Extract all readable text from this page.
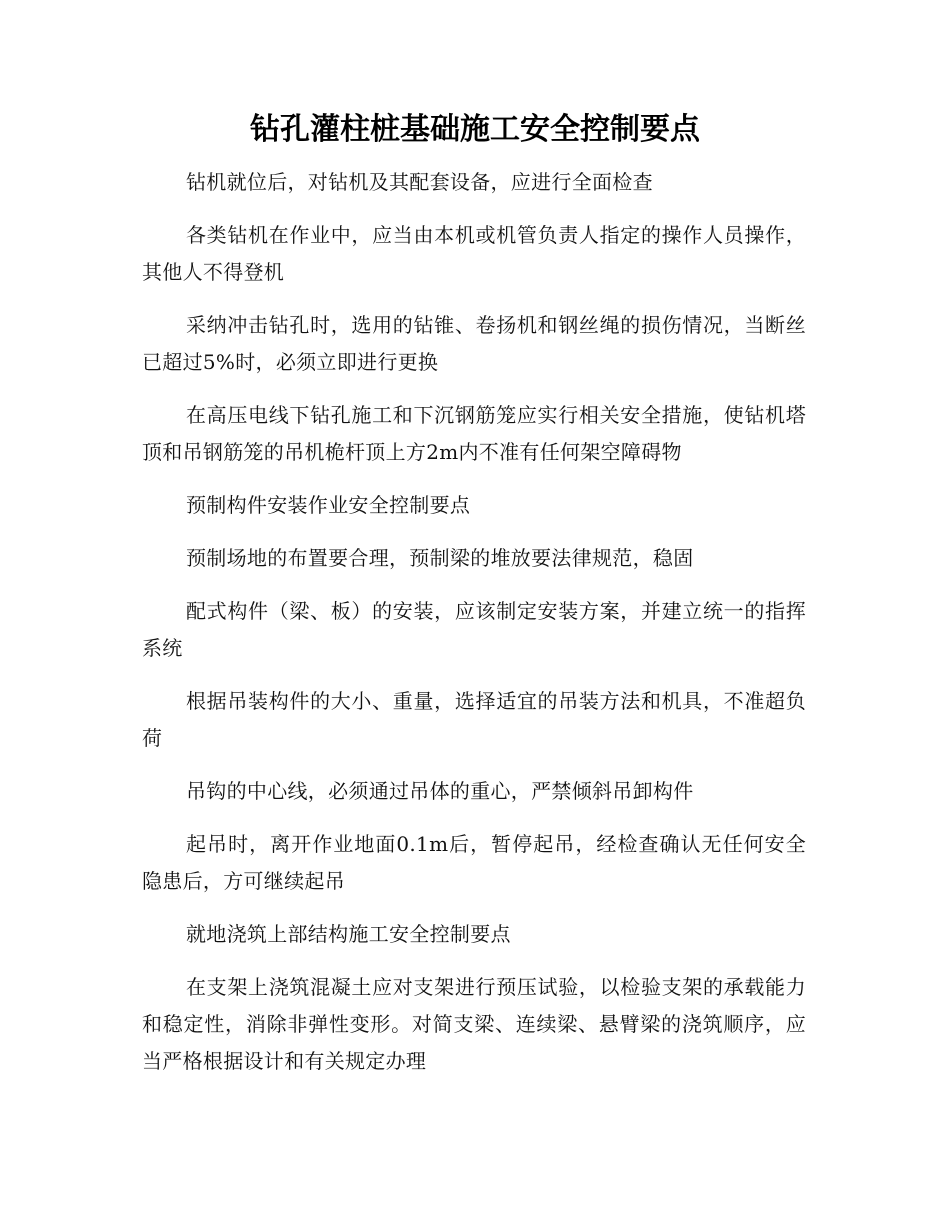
钻孔灌柱桩基础施工安全控制要点

钻机就位后，对钻机及其配套设备，应进行全面检查

各类钻机在作业中，应当由本机或机管负责人指定的操作人员操作，其他人不得登机

采纳冲击钻孔时，选用的钻锥、卷扬机和钢丝绳的损伤情况，当断丝已超过5%时，必须立即进行更换

在高压电线下钻孔施工和下沉钢筋笼应实行相关安全措施，使钻机塔顶和吊钢筋笼的吊机桅杆顶上方2m内不准有任何架空障碍物

预制构件安装作业安全控制要点

预制场地的布置要合理，预制梁的堆放要法律规范，稳固

配式构件（梁、板）的安装，应该制定安装方案，并建立统一的指挥系统

根据吊装构件的大小、重量，选择适宜的吊装方法和机具，不准超负荷

吊钩的中心线，必须通过吊体的重心，严禁倾斜吊卸构件

起吊时，离开作业地面0.1m后，暂停起吊，经检查确认无任何安全隐患后，方可继续起吊

就地浇筑上部结构施工安全控制要点

在支架上浇筑混凝土应对支架进行预压试验，以检验支架的承载能力和稳定性，消除非弹性变形。对简支梁、连续梁、悬臂梁的浇筑顺序，应当严格根据设计和有关规定办理
